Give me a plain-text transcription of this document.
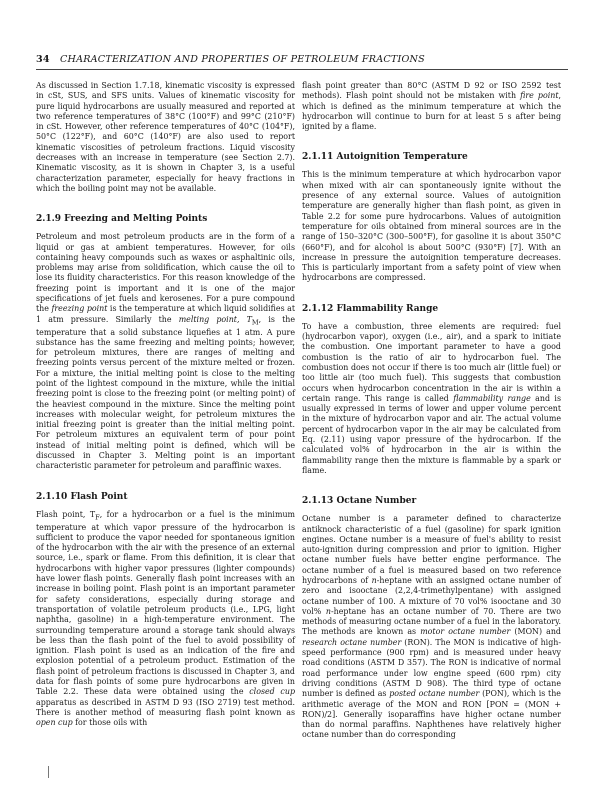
34 CHARACTERIZATION AND PROPERTIES OF PETROLEUM FRACTIONS

As discussed in Section 1.7.18, kinematic viscosity is expressed in cSt, SUS, and SFS units. Values of kinematic viscosity for pure liquid hydrocarbons are usually measured and reported at two reference temperatures of 38°C (100°F) and 99°C (210°F) in cSt. However, other reference temperatures of 40°C (104°F), 50°C (122°F), and 60°C (140°F) are also used to report kinematic viscosities of petroleum fractions. Liquid viscosity decreases with an increase in temperature (see Section 2.7). Kinematic viscosity, as it is shown in Chapter 3, is a useful characterization parameter, especially for heavy fractions in which the boiling point may not be available.

2.1.9 Freezing and Melting Points

Petroleum and most petroleum products are in the form of a liquid or gas at ambient temperatures. However, for oils containing heavy compounds such as waxes or asphaltinic oils, problems may arise from solidification, which cause the oil to lose its fluidity characteristics. For this reason knowledge of the freezing point is important and it is one of the major specifications of jet fuels and kerosenes. For a pure compound the freezing point is the temperature at which liquid solidifies at 1 atm pressure. Similarly the melting point, $T_M$, is the temperature that a solid substance liquefies at 1 atm. A pure substance has the same freezing and melting points; however, for petroleum mixtures, there are ranges of melting and freezing points versus percent of the mixture melted or frozen. For a mixture, the initial melting point is close to the melting point of the lightest compound in the mixture, while the initial freezing point is close to the freezing point (or melting point) of the heaviest compound in the mixture. Since the melting point increases with molecular weight, for petroleum mixtures the initial freezing point is greater than the initial melting point. For petroleum mixtures an equivalent term of pour point instead of initial melting point is defined, which will be discussed in Chapter 3. Melting point is an important characteristic parameter for petroleum and paraffinic waxes.

2.1.10 Flash Point

Flash point, $T_F$, for a hydrocarbon or a fuel is the minimum temperature at which vapor pressure of the hydrocarbon is sufficient to produce the vapor needed for spontaneous ignition of the hydrocarbon with the air with the presence of an external source, i.e., spark or flame. From this definition, it is clear that hydrocarbons with higher vapor pressures (lighter compounds) have lower flash points. Generally flash point increases with an increase in boiling point. Flash point is an important parameter for safety considerations, especially during storage and transportation of volatile petroleum products (i.e., LPG, light naphtha, gasoline) in a high-temperature environment. The surrounding temperature around a storage tank should always be less than the flash point of the fuel to avoid possibility of ignition. Flash point is used as an indication of the fire and explosion potential of a petroleum product. Estimation of the flash point of petroleum fractions is discussed in Chapter 3, and data for flash points of some pure hydrocarbons are given in Table 2.2. These data were obtained using the closed cup apparatus as described in ASTM D 93 (ISO 2719) test method. There is another method of measuring flash point known as open cup for those oils with

flash point greater than 80°C (ASTM D 92 or ISO 2592 test methods). Flash point should not be mistaken with fire point, which is defined as the minimum temperature at which the hydrocarbon will continue to burn for at least 5 s after being ignited by a flame.

2.1.11 Autoignition Temperature

This is the minimum temperature at which hydrocarbon vapor when mixed with air can spontaneously ignite without the presence of any external source. Values of autoignition temperature are generally higher than flash point, as given in Table 2.2 for some pure hydrocarbons. Values of autoignition temperature for oils obtained from mineral sources are in the range of 150–320°C (300–500°F), for gasoline it is about 350°C (660°F), and for alcohol is about 500°C (930°F) [7]. With an increase in pressure the autoignition temperature decreases. This is particularly important from a safety point of view when hydrocarbons are compressed.

2.1.12 Flammability Range

To have a combustion, three elements are required: fuel (hydrocarbon vapor), oxygen (i.e., air), and a spark to initiate the combustion. One important parameter to have a good combustion is the ratio of air to hydrocarbon fuel. The combustion does not occur if there is too much air (little fuel) or too little air (too much fuel). This suggests that combustion occurs when hydrocarbon concentration in the air is within a certain range. This range is called flammability range and is usually expressed in terms of lower and upper volume percent in the mixture of hydrocarbon vapor and air. The actual volume percent of hydrocarbon vapor in the air may be calculated from Eq. (2.11) using vapor pressure of the hydrocarbon. If the calculated vol% of hydrocarbon in the air is within the flammability range then the mixture is flammable by a spark or flame.

2.1.13 Octane Number

Octane number is a parameter defined to characterize antiknock characteristic of a fuel (gasoline) for spark ignition engines. Octane number is a measure of fuel's ability to resist auto-ignition during compression and prior to ignition. Higher octane number fuels have better engine performance. The octane number of a fuel is measured based on two reference hydrocarbons of n-heptane with an assigned octane number of zero and isooctane (2,2,4-trimethylpentane) with assigned octane number of 100. A mixture of 70 vol% isooctane and 30 vol% n-heptane has an octane number of 70. There are two methods of measuring octane number of a fuel in the laboratory. The methods are known as motor octane number (MON) and research octane number (RON). The MON is indicative of high-speed performance (900 rpm) and is measured under heavy road conditions (ASTM D 357). The RON is indicative of normal road performance under low engine speed (600 rpm) city driving conditions (ASTM D 908). The third type of octane number is defined as posted octane number (PON), which is the arithmetic average of the MON and RON [PON = (MON + RON)/2]. Generally isoparaffins have higher octane number than do normal paraffins. Naphthenes have relatively higher octane number than do corresponding
